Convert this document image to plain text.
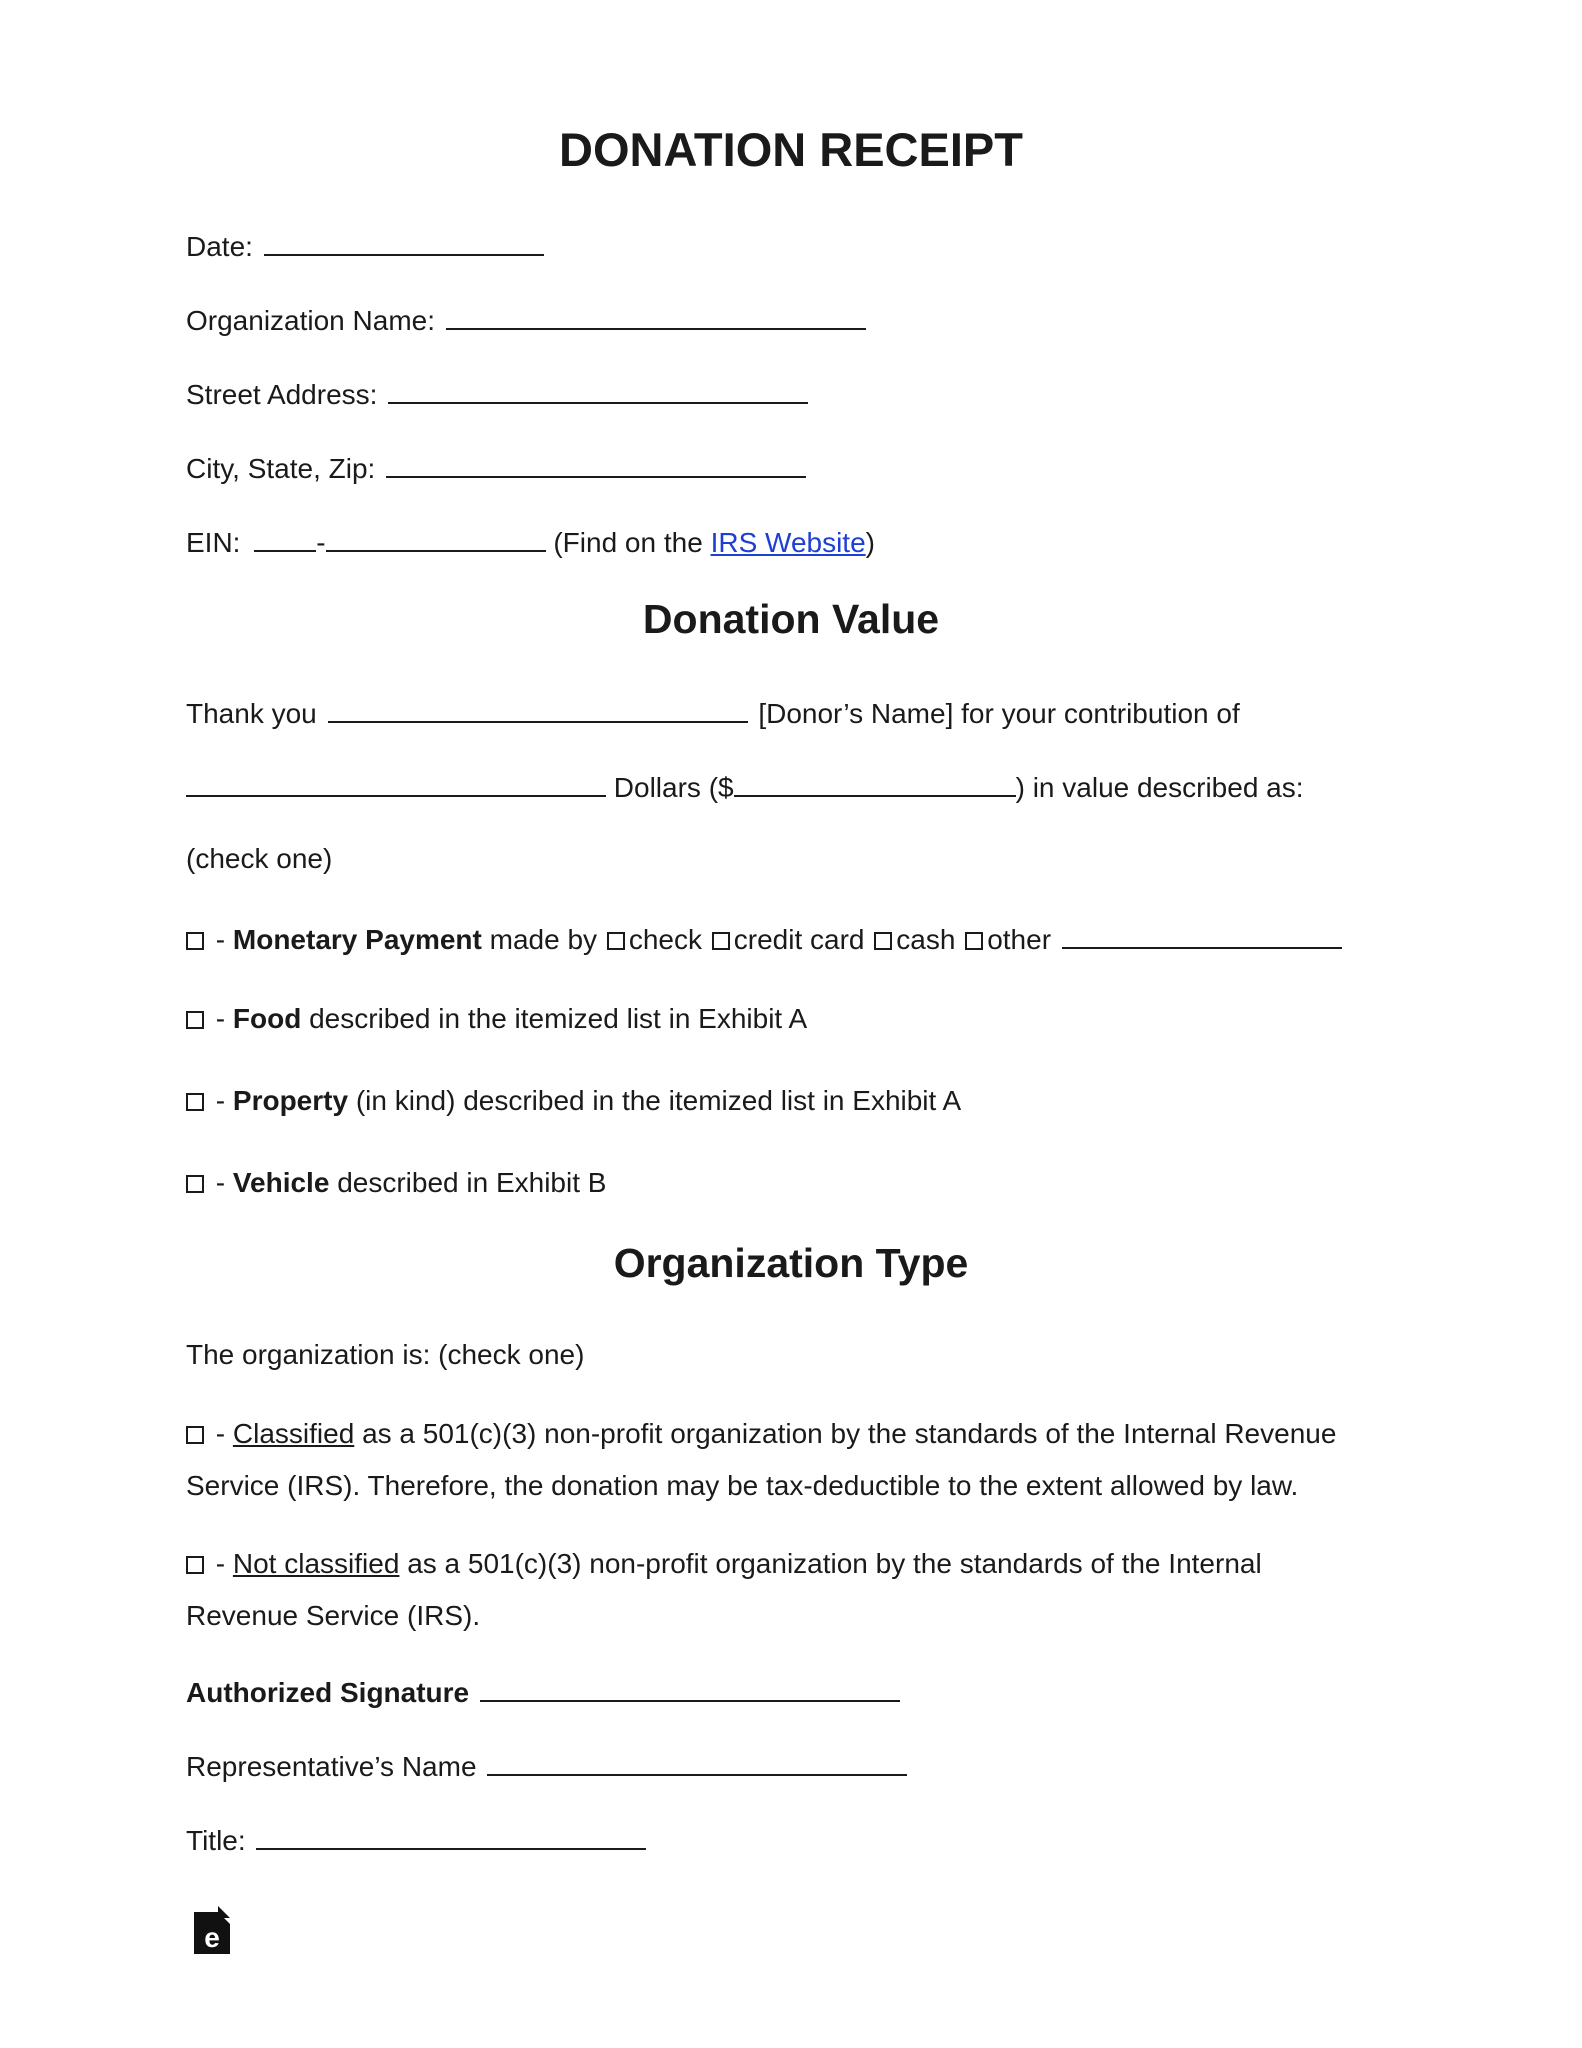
DONATION RECEIPT
Date:
Organization Name:
Street Address:
City, State, Zip:
EIN:	-	(Find on the IRS Website)
Donation Value
Thank you	[Donor’s Name] for your contribution of
Dollars ($	) in value described as:
(check one)
- Monetary Payment made by check credit card cash other
- Food described in the itemized list in Exhibit A
- Property (in kind) described in the itemized list in Exhibit A
- Vehicle described in Exhibit B
Organization Type
The organization is: (check one)
- Classified as a 501(c)(3) non-profit organization by the standards of the Internal Revenue
Service (IRS). Therefore, the donation may be tax-deductible to the extent allowed by law.
- Not classified as a 501(c)(3) non-profit organization by the standards of the Internal
Revenue Service (IRS).
Authorized Signature
Representative’s Name
Title:
e
